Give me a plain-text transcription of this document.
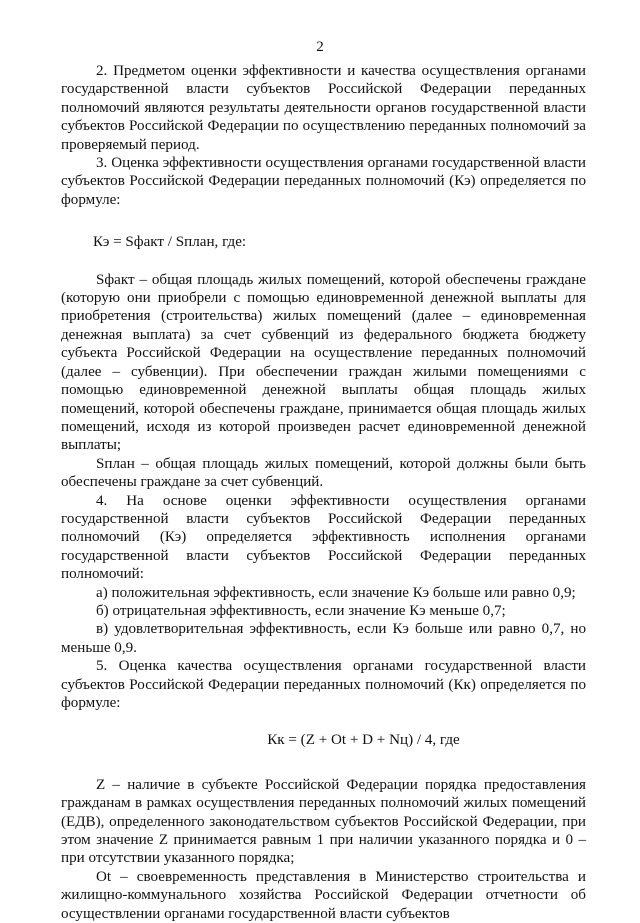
2

2. Предметом оценки эффективности и качества осуществления органами государственной власти субъектов Российской Федерации переданных полномочий являются результаты деятельности органов государственной власти субъектов Российской Федерации по осуществлению переданных полномочий за проверяемый период.

3. Оценка эффективности осуществления органами государственной власти субъектов Российской Федерации переданных полномочий (Кэ) определяется по формуле:

Кэ = Sфакт / Sплан, где:

Sфакт – общая площадь жилых помещений, которой обеспечены граждане (которую они приобрели с помощью единовременной денежной выплаты для приобретения (строительства) жилых помещений (далее – единовременная денежная выплата) за счет субвенций из федерального бюджета бюджету субъекта Российской Федерации на осуществление переданных полномочий (далее – субвенции). При обеспечении граждан жилыми помещениями с помощью единовременной денежной выплаты общая площадь жилых помещений, которой обеспечены граждане, принимается общая площадь жилых помещений, исходя из которой произведен расчет единовременной денежной выплаты;

Sплан – общая площадь жилых помещений, которой должны были быть обеспечены граждане за счет субвенций.

4. На основе оценки эффективности осуществления органами государственной власти субъектов Российской Федерации переданных полномочий (Кэ) определяется эффективность исполнения органами государственной власти субъектов Российской Федерации переданных полномочий:

а) положительная эффективность, если значение Кэ больше или равно 0,9;

б) отрицательная эффективность, если значение Кэ меньше 0,7;

в) удовлетворительная эффективность, если Кэ больше или равно 0,7, но меньше 0,9.

5. Оценка качества осуществления органами государственной власти субъектов Российской Федерации переданных полномочий (Кк) определяется по формуле:

Кк = (Z + Ot + D + Nц) / 4, где

Z – наличие в субъекте Российской Федерации порядка предоставления гражданам в рамках осуществления переданных полномочий жилых помещений (ЕДВ), определенного законодательством субъектов Российской Федерации, при этом значение Z принимается равным 1 при наличии указанного порядка и 0 – при отсутствии указанного порядка;

Ot – своевременность представления в Министерство строительства и жилищно-коммунального хозяйства Российской Федерации отчетности об осуществлении органами государственной власти субъектов
